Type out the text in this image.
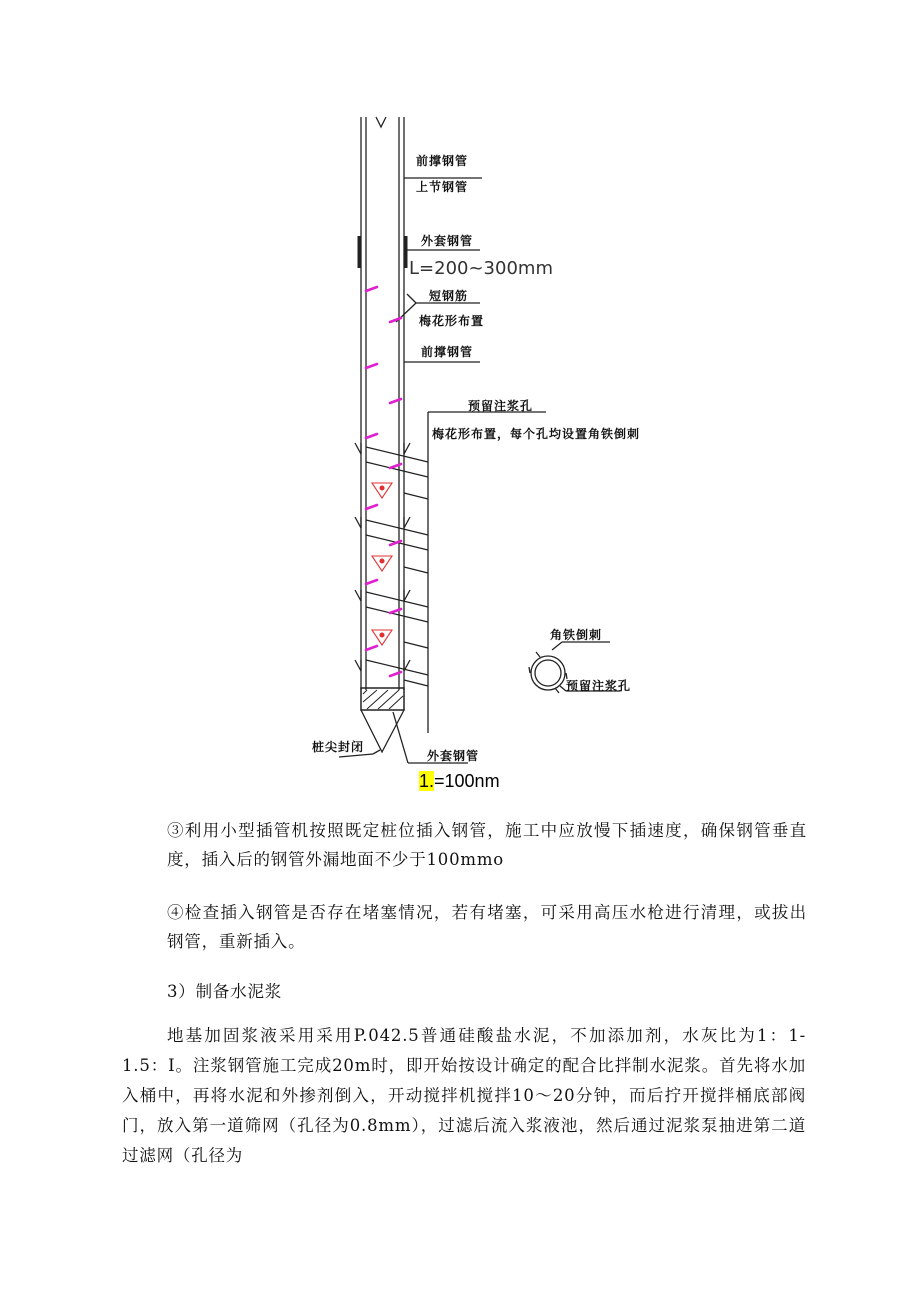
前撑钢管
上节钢管
外套钢管
L=200~300mm
短钢筋
梅花形布置
前撑钢管
预留注浆孔
梅花形布置，每个孔均设置角铁倒刺
角铁倒刺
预留注浆孔
桩尖封闭
外套钢管
1.=100nm

③利用小型插管机按照既定桩位插入钢管，施工中应放慢下插速度，确保钢管垂直度，插入后的钢管外漏地面不少于100mmo

④检查插入钢管是否存在堵塞情况，若有堵塞，可采用高压水枪进行清理，或拔出钢管，重新插入。

3）制备水泥浆

地基加固浆液采用采用P.042.5普通硅酸盐水泥，不加添加剂，水灰比为1：1-1.5：I。注浆钢管施工完成20m时，即开始按设计确定的配合比拌制水泥浆。首先将水加入桶中，再将水泥和外掺剂倒入，开动搅拌机搅拌10～20分钟，而后拧开搅拌桶底部阀门，放入第一道筛网（孔径为0.8mm），过滤后流入浆液池，然后通过泥浆泵抽进第二道过滤网（孔径为
